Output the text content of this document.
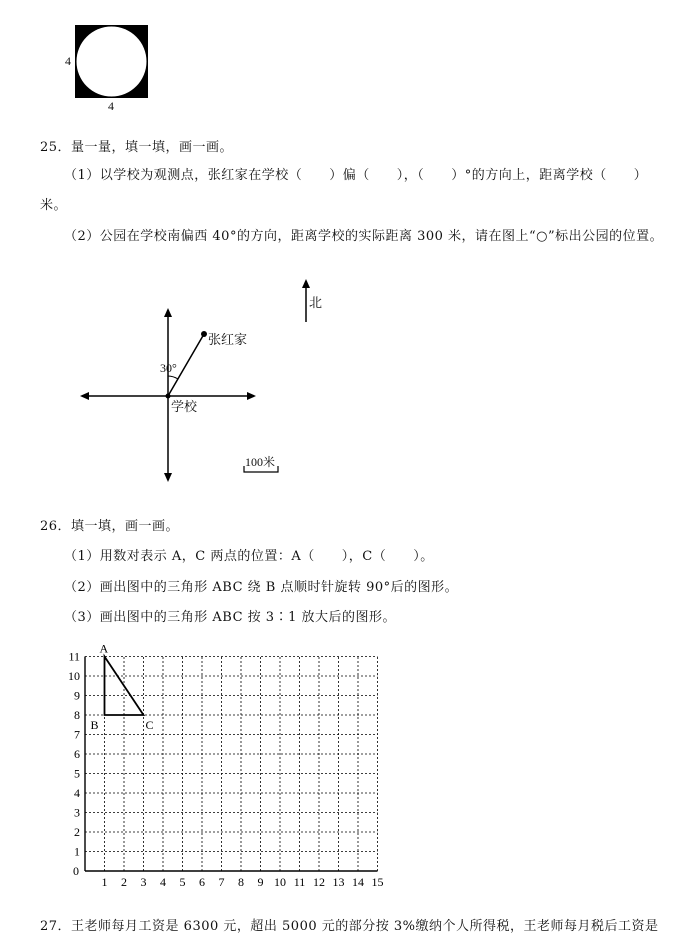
4
4
25．量一量，填一填，画一画。
（1）以学校为观测点，张红家在学校（　　）偏（　　），（　　）°的方向上，距离学校（　　）
米。
（2）公园在学校南偏西 40°的方向，距离学校的实际距离 300 米，请在图上“○”标出公园的位置。
北
张红家
30°
学校
100米
26．填一填，画一画。
（1）用数对表示 A，C 两点的位置：A（　　），C（　　）。
（2）画出图中的三角形 ABC 绕 B 点顺时针旋转 90°后的图形。
（3）画出图中的三角形 ABC 按 3∶1 放大后的图形。
1 2 3 4 5 6 7 8 9 10 11 12 13 14 15
11
10
9
8
7
6
5
4
3
2
1
A
B	C
0
27．王老师每月工资是 6300 元，超出 5000 元的部分按 3%缴纳个人所得税，王老师每月税后工资是
